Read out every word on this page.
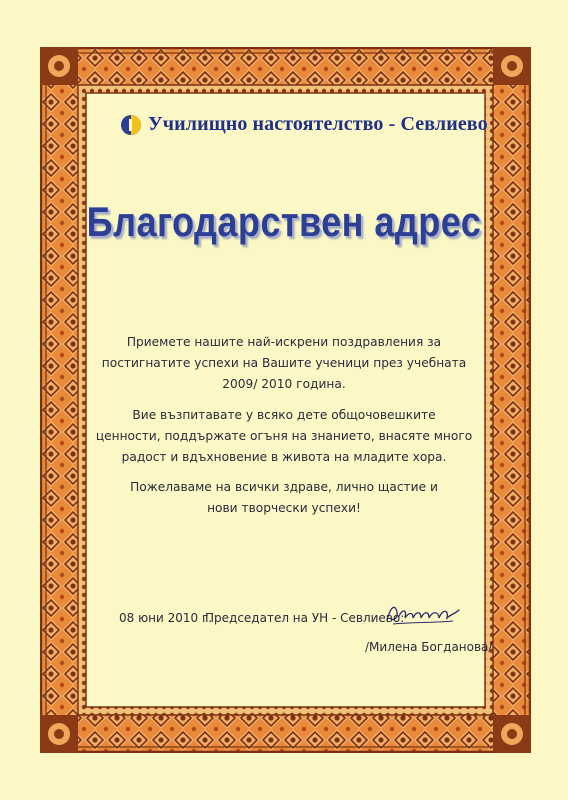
Училищно настоятелство - Севлиево
Благодарствен адрес
Приемете нашите най-искрени поздравления за
постигнатите успехи на Вашите ученици през учебната
2009/ 2010 година.
Вие възпитавате у всяко дете общочовешките
ценности, поддържате огъня на знанието, внасяте много
радост и вдъхновение в живота на младите хора.
Пожелаваме на всички здраве, лично щастие и
нови творчески успехи!
08 юни 2010 г.
Председател на УН - Севлиево:
/Милена Богданова/
